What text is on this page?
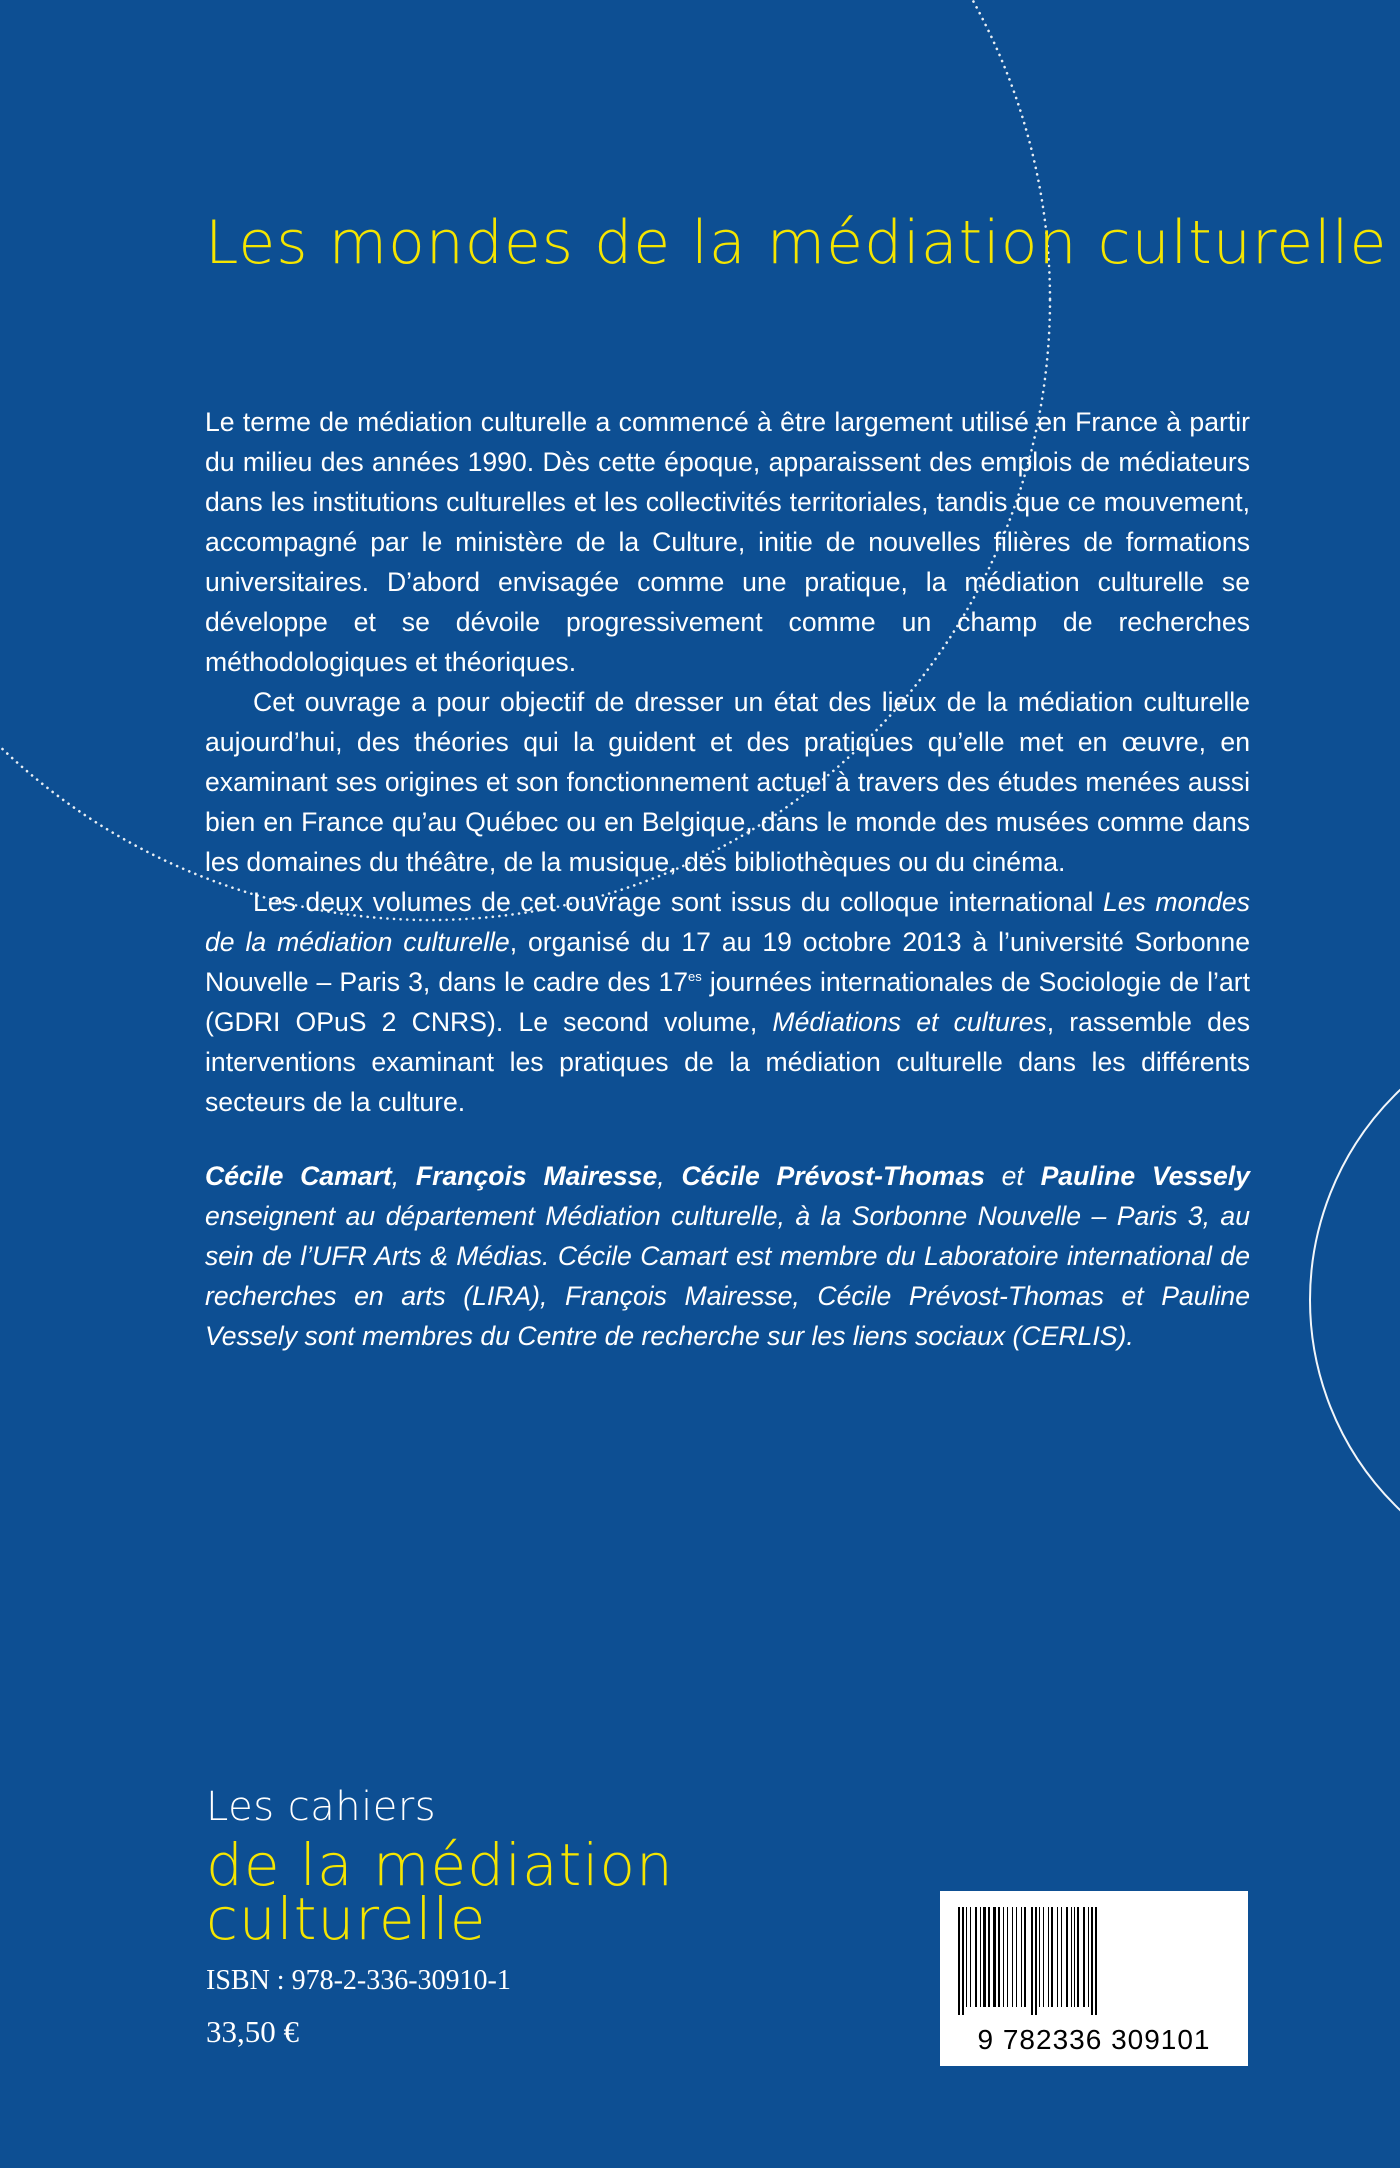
Les mondes de la médiation culturelle

Le terme de médiation culturelle a commencé à être largement utilisé en France à partir du milieu des années 1990. Dès cette époque, apparaissent des emplois de médiateurs dans les institutions culturelles et les collectivités territoriales, tandis que ce mouvement, accompagné par le ministère de la Culture, initie de nouvelles filières de formations universitaires. D’abord envisagée comme une pratique, la médiation culturelle se développe et se dévoile progressivement comme un champ de recherches méthodologiques et théoriques.

Cet ouvrage a pour objectif de dresser un état des lieux de la médiation culturelle aujourd’hui, des théories qui la guident et des pratiques qu’elle met en œuvre, en examinant ses origines et son fonctionnement actuel à travers des études menées aussi bien en France qu’au Québec ou en Belgique, dans le monde des musées comme dans les domaines du théâtre, de la musique, des bibliothèques ou du cinéma.

Les deux volumes de cet ouvrage sont issus du colloque international Les mondes de la médiation culturelle, organisé du 17 au 19 octobre 2013 à l’université Sorbonne Nouvelle – Paris 3, dans le cadre des $17^{es}$ journées internationales de Sociologie de l’art (GDRI OPuS 2 CNRS). Le second volume, Médiations et cultures, rassemble des interventions examinant les pratiques de la médiation culturelle dans les différents secteurs de la culture.

Cécile Camart, François Mairesse, Cécile Prévost-Thomas et Pauline Vessely enseignent au département Médiation culturelle, à la Sorbonne Nouvelle – Paris 3, au sein de l’UFR Arts & Médias. Cécile Camart est membre du Laboratoire international de recherches en arts (LIRA), François Mairesse, Cécile Prévost-Thomas et Pauline Vessely sont membres du Centre de recherche sur les liens sociaux (CERLIS).

Les cahiers
de la médiation
culturelle
ISBN : 978-2-336-30910-1
33,50 €	9 782336 309101
